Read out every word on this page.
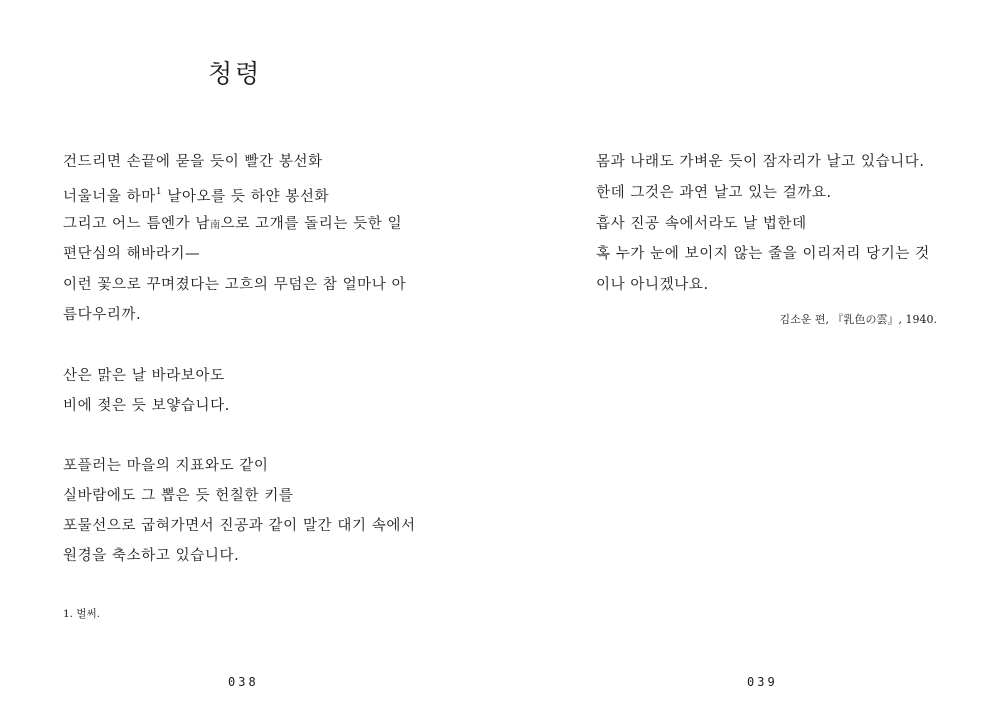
청령
건드리면 손끝에 묻을 듯이 빨간 봉선화
너울너울 하마$^1$ 날아오를 듯 하얀 봉선화
그리고 어느 틈엔가 남南으로 고개를 돌리는 듯한 일
편단심의 해바라기—
이런 꽃으로 꾸며졌다는 고흐의 무덤은 참 얼마나 아
름다우리까.
산은 맑은 날 바라보아도
비에 젖은 듯 보얗습니다.
포플러는 마을의 지표와도 같이
실바람에도 그 뽑은 듯 헌칠한 키를
포물선으로 굽혀가면서 진공과 같이 말간 대기 속에서
원경을 축소하고 있습니다.
1. 벌써.
038
몸과 나래도 가벼운 듯이 잠자리가 날고 있습니다.
한데 그것은 과연 날고 있는 걸까요.
흡사 진공 속에서라도 날 법한데
혹 누가 눈에 보이지 않는 줄을 이리저리 당기는 것
이나 아니겠나요.
김소운 편, 『乳色の雲』, 1940.
039
